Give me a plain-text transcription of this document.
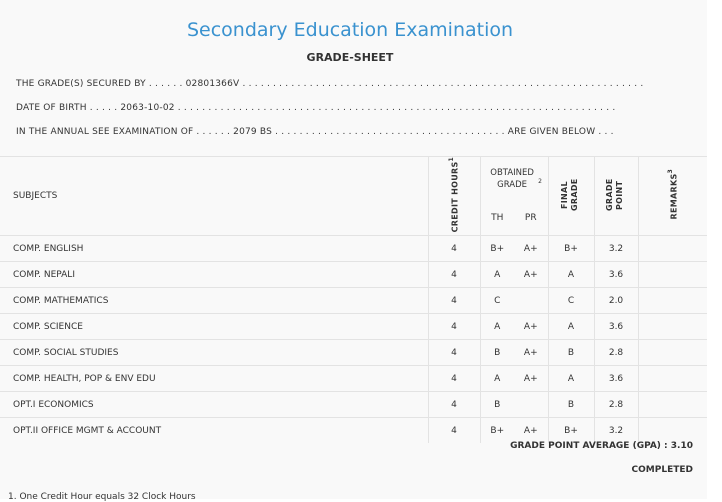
Secondary Education Examination
GRADE-SHEET
THE GRADE(S) SECURED BY . . . . . . 02801366V . . . . . . . . . . . . . . . . . . . . . . . . . . . . . . . . . . . . . . . . . . . . . . . . . . . . . . . . . . . . . . . . . .
DATE OF BIRTH . . . . . 2063-10-02 . . . . . . . . . . . . . . . . . . . . . . . . . . . . . . . . . . . . . . . . . . . . . . . . . . . . . . . . . . . . . . . . . . . . . . . .
IN THE ANNUAL SEE EXAMINATION OF . . . . . . 2079 BS . . . . . . . . . . . . . . . . . . . . . . . . . . . . . . . . . . . . . . ARE GIVEN BELOW . . .
SUBJECTS	CREDIT HOURS$^1$	OBTAINED GRADE $^2$		FINAL GRADE	GRADE POINT	REMARKS$^3$
		TH	PR			
COMP. ENGLISH	4	B+	A+	B+	3.2	
COMP. NEPALI	4	A	A+	A	3.6	
COMP. MATHEMATICS	4	C		C	2.0	
COMP. SCIENCE	4	A	A+	A	3.6	
COMP. SOCIAL STUDIES	4	B	A+	B	2.8	
COMP. HEALTH, POP & ENV EDU	4	A	A+	A	3.6	
OPT.I ECONOMICS	4	B		B	2.8	
OPT.II OFFICE MGMT & ACCOUNT	4	B+	A+	B+	3.2	
GRADE POINT AVERAGE (GPA) : 3.10
COMPLETED
1. One Credit Hour equals 32 Clock Hours
